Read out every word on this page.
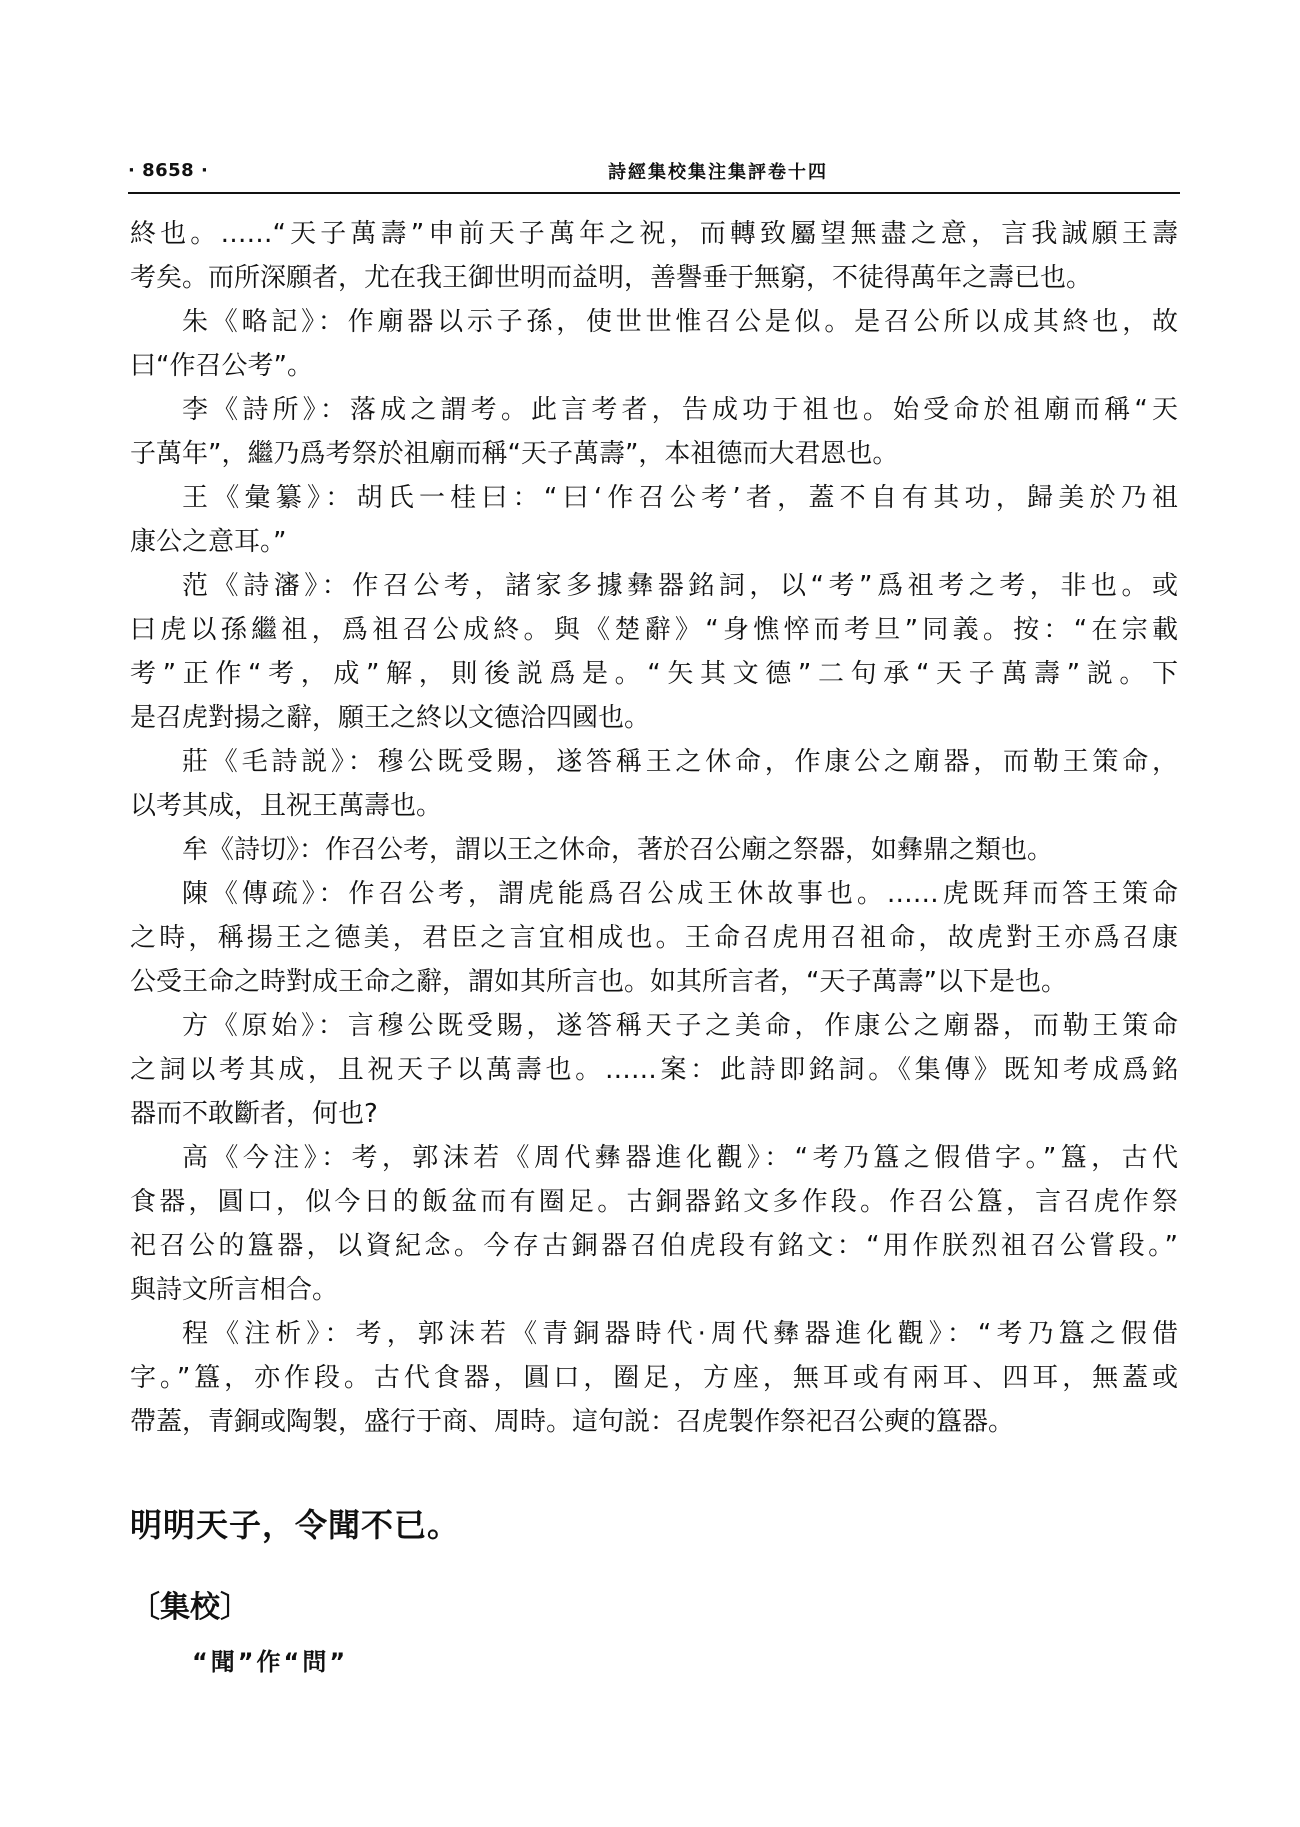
· 8658 ·	詩經集校集注集評卷十四
終也。……“天子萬壽”申前天子萬年之祝，而轉致屬望無盡之意，言我誠願王壽
考矣。而所深願者，尤在我王御世明而益明，善譽垂于無窮，不徒得萬年之壽已也。
朱《略記》：作廟器以示子孫，使世世惟召公是似。是召公所以成其終也，故
曰“作召公考”。
李《詩所》：落成之謂考。此言考者，告成功于祖也。始受命於祖廟而稱“天
子萬年”，繼乃爲考祭於祖廟而稱“天子萬壽”，本祖德而大君恩也。
王《彙纂》：胡氏一桂曰：“曰‘作召公考’者，蓋不自有其功，歸美於乃祖
康公之意耳。”
范《詩瀋》：作召公考，諸家多據彝器銘詞，以“考”爲祖考之考，非也。或
曰虎以孫繼祖，爲祖召公成終。與《楚辭》“身憔悴而考旦”同義。按：“在宗載
考”正作“考，成”解，則後説爲是。“矢其文德”二句承“天子萬壽”説。下
是召虎對揚之辭，願王之終以文德洽四國也。
莊《毛詩説》：穆公既受賜，遂答稱王之休命，作康公之廟器，而勒王策命，
以考其成，且祝王萬壽也。
牟《詩切》：作召公考，謂以王之休命，著於召公廟之祭器，如彝鼎之類也。
陳《傳疏》：作召公考，謂虎能爲召公成王休故事也。……虎既拜而答王策命
之時，稱揚王之德美，君臣之言宜相成也。王命召虎用召祖命，故虎對王亦爲召康
公受王命之時對成王命之辭，謂如其所言也。如其所言者，“天子萬壽”以下是也。
方《原始》：言穆公既受賜，遂答稱天子之美命，作康公之廟器，而勒王策命
之詞以考其成，且祝天子以萬壽也。……案：此詩即銘詞。《集傳》既知考成爲銘
器而不敢斷者，何也?
高《今注》：考，郭沫若《周代彝器進化觀》：“考乃簋之假借字。”簋，古代
食器，圓口，似今日的飯盆而有圈足。古銅器銘文多作段。作召公簋，言召虎作祭
祀召公的簋器，以資紀念。今存古銅器召伯虎段有銘文：“用作朕烈祖召公嘗段。”
與詩文所言相合。
程《注析》：考，郭沫若《青銅器時代·周代彝器進化觀》：“考乃簋之假借
字。”簋，亦作段。古代食器，圓口，圈足，方座，無耳或有兩耳、四耳，無蓋或
帶蓋，青銅或陶製，盛行于商、周時。這句説：召虎製作祭祀召公奭的簋器。
明明天子，令聞不已。
〔集校〕
“聞”作“問”
